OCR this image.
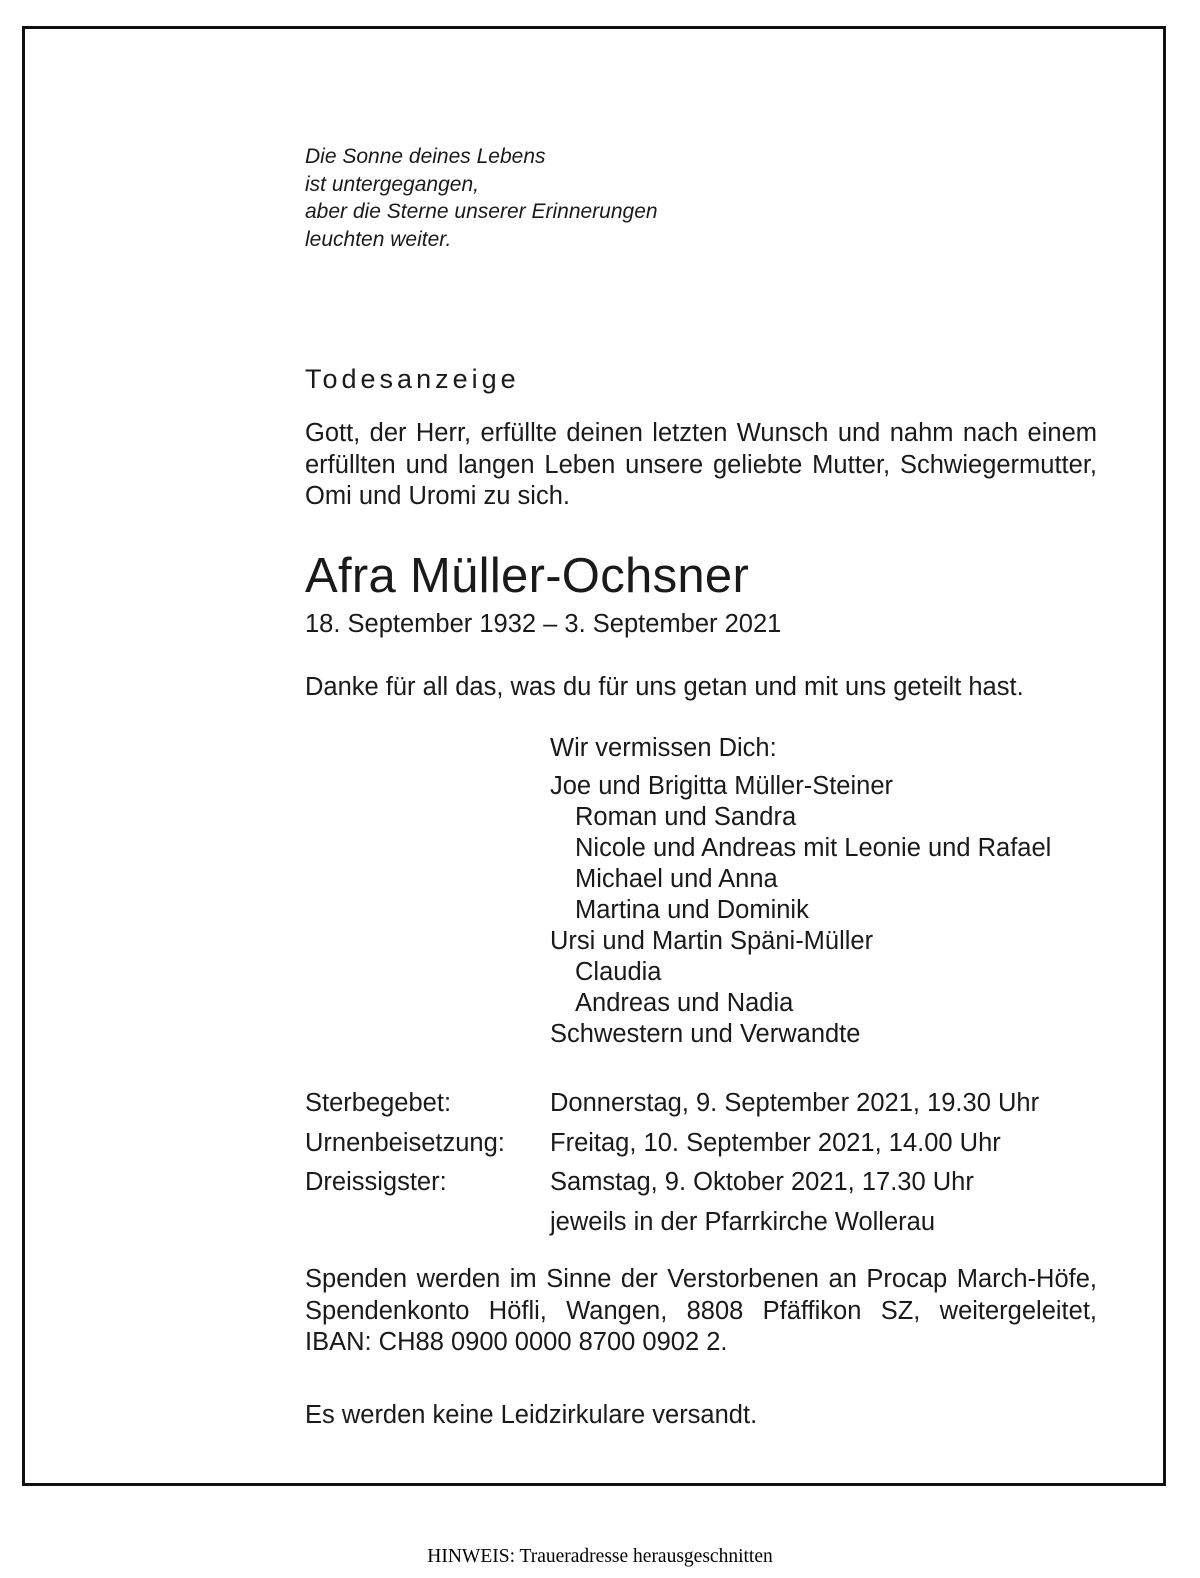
Die Sonne deines Lebens
ist untergegangen,
aber die Sterne unserer Erinnerungen
leuchten weiter.
Todesanzeige
Gott, der Herr, erfüllte deinen letzten Wunsch und nahm nach einem erfüllten und langen Leben unsere geliebte Mutter, Schwiegermutter, Omi und Uromi zu sich.
Afra Müller-Ochsner
18. September 1932 – 3. September 2021
Danke für all das, was du für uns getan und mit uns geteilt hast.
Wir vermissen Dich:
Joe und Brigitta Müller-Steiner
Roman und Sandra
Nicole und Andreas mit Leonie und Rafael
Michael und Anna
Martina und Dominik
Ursi und Martin Späni-Müller
Claudia
Andreas und Nadia
Schwestern und Verwandte
Sterbegebet:	Donnerstag, 9. September 2021, 19.30 Uhr
Urnenbeisetzung:	Freitag, 10. September 2021, 14.00 Uhr
Dreissigster:	Samstag, 9. Oktober 2021, 17.30 Uhr
jeweils in der Pfarrkirche Wollerau
Spenden werden im Sinne der Verstorbenen an Procap March-Höfe, Spendenkonto Höfli, Wangen, 8808 Pfäffikon SZ, weitergeleitet, IBAN: CH88 0900 0000 8700 0902 2.
Es werden keine Leidzirkulare versandt.
HINWEIS: Traueradresse herausgeschnitten
